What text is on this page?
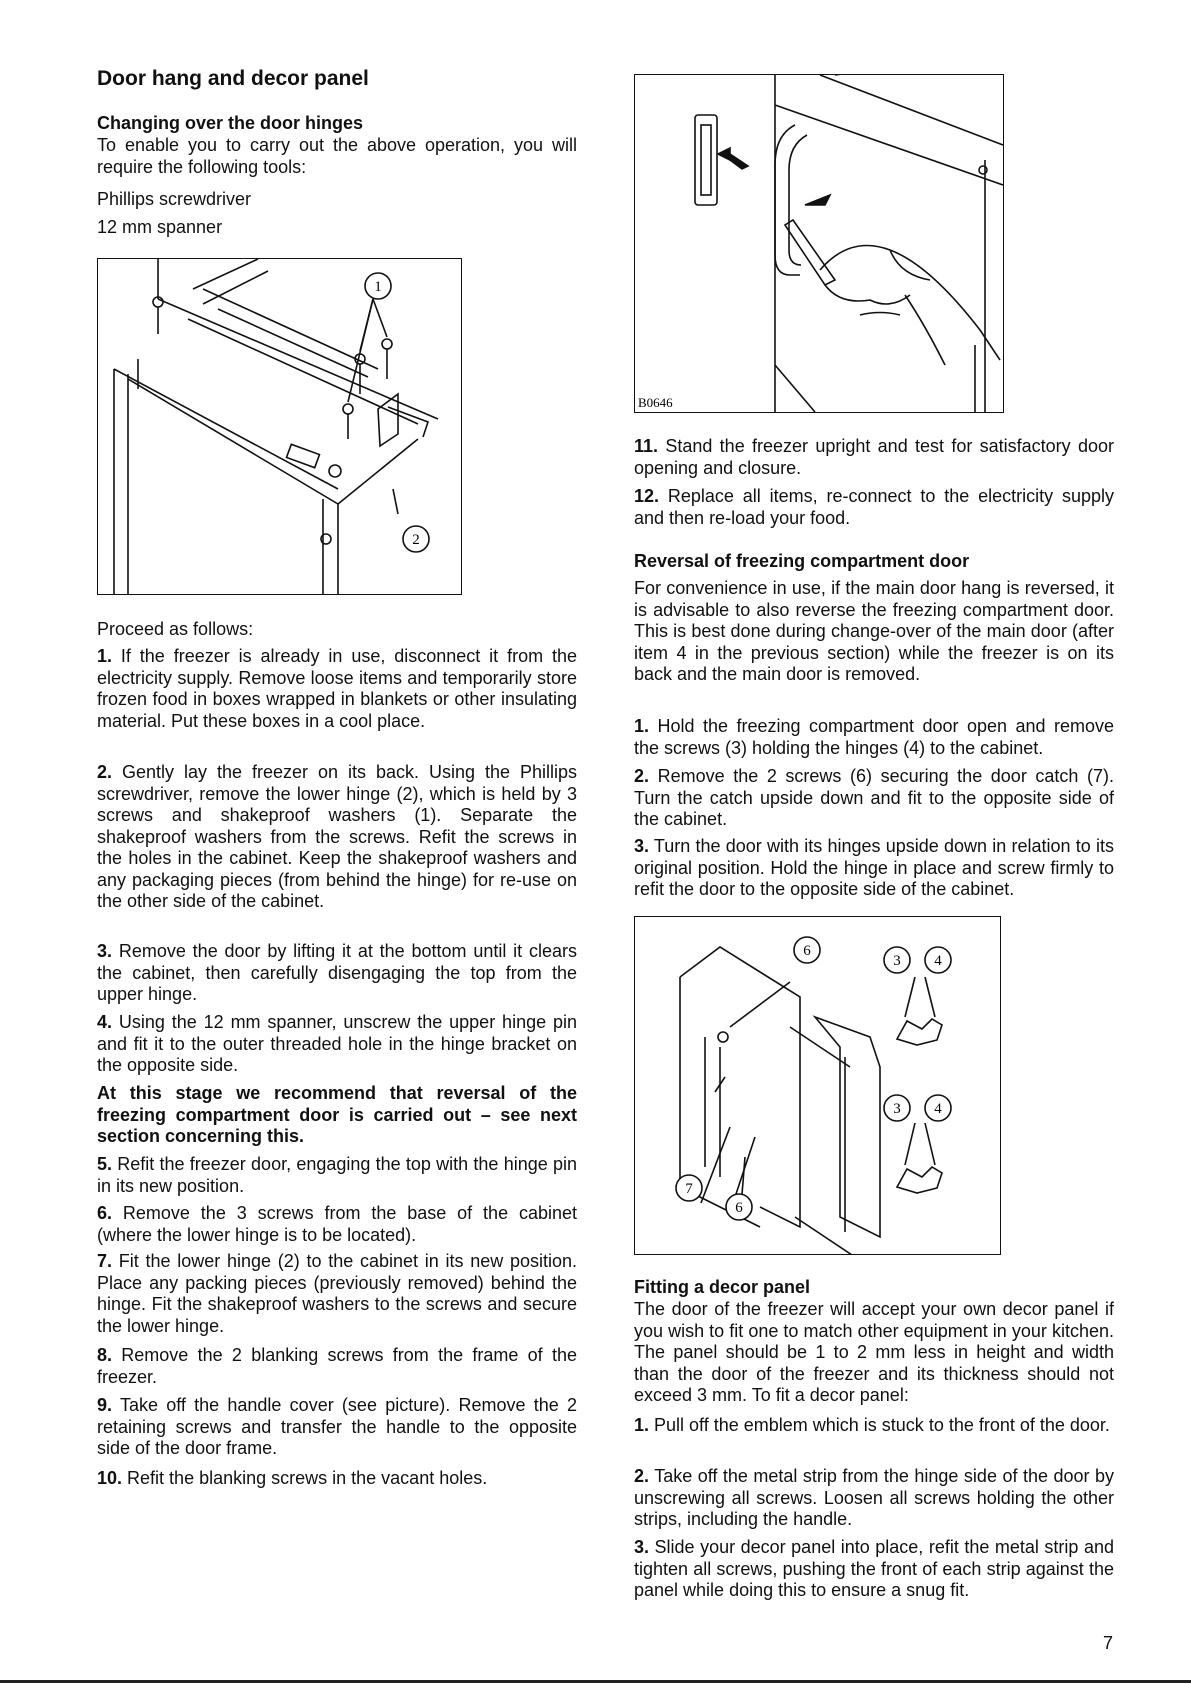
Door hang and decor panel
Changing over the door hinges
To enable you to carry out the above operation, you will require the following tools:
Phillips screwdriver
12 mm spanner
1
2
Proceed as follows:
1. If the freezer is already in use, disconnect it from the electricity supply. Remove loose items and temporarily store frozen food in boxes wrapped in blankets or other insulating material. Put these boxes in a cool place.
2. Gently lay the freezer on its back. Using the Phillips screwdriver, remove the lower hinge (2), which is held by 3 screws and shakeproof washers (1). Separate the shakeproof washers from the screws. Refit the screws in the holes in the cabinet. Keep the shakeproof washers and any packaging pieces (from behind the hinge) for re-use on the other side of the cabinet.
3. Remove the door by lifting it at the bottom until it clears the cabinet, then carefully disengaging the top from the upper hinge.
4. Using the 12 mm spanner, unscrew the upper hinge pin and fit it to the outer threaded hole in the hinge bracket on the opposite side.
At this stage we recommend that reversal of the freezing compartment door is carried out – see next section concerning this.
5. Refit the freezer door, engaging the top with the hinge pin in its new position.
6. Remove the 3 screws from the base of the cabinet (where the lower hinge is to be located).
7. Fit the lower hinge (2) to the cabinet in its new position. Place any packing pieces (previously removed) behind the hinge. Fit the shakeproof washers to the screws and secure the lower hinge.
8. Remove the 2 blanking screws from the frame of the freezer.
9. Take off the handle cover (see picture). Remove the 2 retaining screws and transfer the handle to the opposite side of the door frame.
10. Refit the blanking screws in the vacant holes.
B0646
11. Stand the freezer upright and test for satisfactory door opening and closure.
12. Replace all items, re-connect to the electricity supply and then re-load your food.
Reversal of freezing compartment door
For convenience in use, if the main door hang is reversed, it is advisable to also reverse the freezing compartment door. This is best done during change-over of the main door (after item 4 in the previous section) while the freezer is on its back and the main door is removed.
1. Hold the freezing compartment door open and remove the screws (3) holding the hinges (4) to the cabinet.
2. Remove the 2 screws (6) securing the door catch (7). Turn the catch upside down and fit to the opposite side of the cabinet.
3. Turn the door with its hinges upside down in relation to its original position. Hold the hinge in place and screw firmly to refit the door to the opposite side of the cabinet.
6
3 4
3 4
7
6
Fitting a decor panel
The door of the freezer will accept your own decor panel if you wish to fit one to match other equipment in your kitchen. The panel should be 1 to 2 mm less in height and width than the door of the freezer and its thickness should not exceed 3 mm. To fit a decor panel:
1. Pull off the emblem which is stuck to the front of the door.
2. Take off the metal strip from the hinge side of the door by unscrewing all screws. Loosen all screws holding the other strips, including the handle.
3. Slide your decor panel into place, refit the metal strip and tighten all screws, pushing the front of each strip against the panel while doing this to ensure a snug fit.
7
